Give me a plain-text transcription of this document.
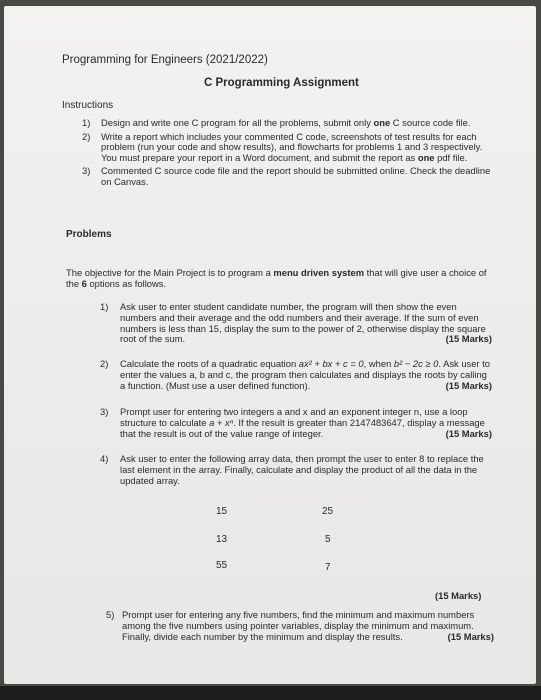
Programming for Engineers (2021/2022)
C Programming Assignment
Instructions
1) Design and write one C program for all the problems, submit only one C source code file.
2) Write a report which includes your commented C code, screenshots of test results for each problem (run your code and show results), and flowcharts for problems 1 and 3 respectively. You must prepare your report in a Word document, and submit the report as one pdf file.
3) Commented C source code file and the report should be submitted online. Check the deadline on Canvas.
Problems
The objective for the Main Project is to program a menu driven system that will give user a choice of the 6 options as follows.
1) Ask user to enter student candidate number, the program will then show the even numbers and their average and the odd numbers and their average. If the sum of even numbers is less than 15, display the sum to the power of 2, otherwise display the square root of the sum.	(15 Marks)
2) Calculate the roots of a quadratic equation ax² + bx + c = 0, when b² − 2c ≥ 0. Ask user to enter the values a, b and c, the program then calculates and displays the roots by calling a function. (Must use a user defined function).	(15 Marks)
3) Prompt user for entering two integers a and x and an exponent integer n, use a loop structure to calculate a + xⁿ. If the result is greater than 2147483647, display a message that the result is out of the value range of integer.	(15 Marks)
4) Ask user to enter the following array data, then prompt the user to enter 8 to replace the last element in the array. Finally, calculate and display the product of all the data in the updated array.
15	25
13	5
55	7
(15 Marks)
5) Prompt user for entering any five numbers, find the minimum and maximum numbers among the five numbers using pointer variables, display the minimum and maximum. Finally, divide each number by the minimum and display the results.	(15 Marks)
